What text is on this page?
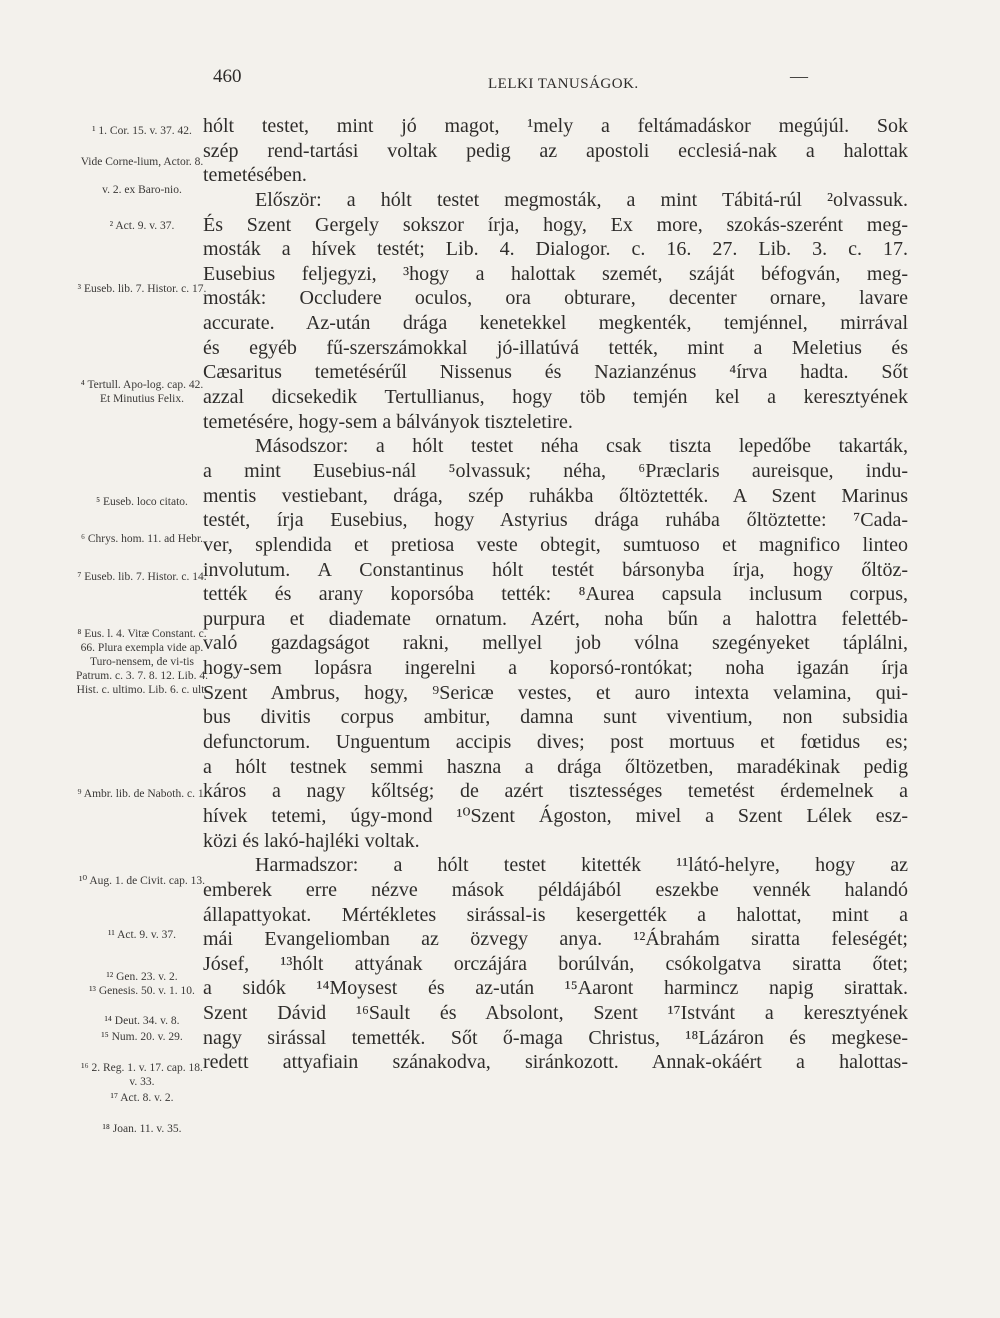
460	LELKI TANUSÁGOK.	—
¹ 1. Cor. 15. v. 37. 42.
Vide Corne-lium, Actor. 8.
v. 2. ex Baro-nio.
² Act. 9. v. 37.
³ Euseb. lib. 7. Histor. c. 17.
⁴ Tertull. Apo-log. cap. 42. Et Minutius Felix.
⁵ Euseb. loco citato.
⁶ Chrys. hom. 11. ad Hebr.
⁷ Euseb. lib. 7. Histor. c. 14.
⁸ Eus. l. 4. Vitæ Constant. c. 66. Plura exempla vide ap. Turo-nensem, de vi-tis Patrum. c. 3. 7. 8. 12. Lib. 4. Hist. c. ultimo. Lib. 6. c. ult.
⁹ Ambr. lib. de Naboth. c. 1.
¹⁰ Aug. 1. de Civit. cap. 13.
¹¹ Act. 9. v. 37.
¹² Gen. 23. v. 2.
¹³ Genesis. 50. v. 1. 10.
¹⁴ Deut. 34. v. 8.
¹⁵ Num. 20. v. 29.
¹⁶ 2. Reg. 1. v. 17. cap. 18. v. 33.
¹⁷ Act. 8. v. 2.
¹⁸ Joan. 11. v. 35.
hólt testet, mint jó magot, ¹mely a feltámadáskor megújúl. Sok
szép rend-tartási voltak pedig az apostoli ecclesiá-nak a halottak
temetésében.
Először: a hólt testet megmosták, a mint Tábitá-rúl ²olvassuk.
És Szent Gergely sokszor írja, hogy, Ex more, szokás-szerént meg-
mosták a hívek testét; Lib. 4. Dialogor. c. 16. 27. Lib. 3. c. 17.
Eusebius feljegyzi, ³hogy a halottak szemét, száját béfogván, meg-
mosták: Occludere oculos, ora obturare, decenter ornare, lavare
accurate. Az-után drága kenetekkel megkenték, temjénnel, mirrával
és egyéb fű-szerszámokkal jó-illatúvá tették, mint a Meletius és
Cæsaritus temetésérűl Nissenus és Nazianzénus ⁴írva hadta. Sőt
azzal dicsekedik Tertullianus, hogy töb temjén kel a keresztyének
temetésére, hogy-sem a bálványok tiszteletire.
Másodszor: a hólt testet néha csak tiszta lepedőbe takarták,
a mint Eusebius-nál ⁵olvassuk; néha, ⁶Præclaris aureisque, indu-
mentis vestiebant, drága, szép ruhákba őltöztették. A Szent Marinus
testét, írja Eusebius, hogy Astyrius drága ruhába őltöztette: ⁷Cada-
ver, splendida et pretiosa veste obtegit, sumtuoso et magnifico linteo
involutum. A Constantinus hólt testét bársonyba írja, hogy őltöz-
tették és arany koporsóba tették: ⁸Aurea capsula inclusum corpus,
purpura et diademate ornatum. Azért, noha bűn a halottra felettéb-
való gazdagságot rakni, mellyel job vólna szegényeket táplálni,
hogy-sem lopásra ingerelni a koporsó-rontókat; noha igazán írja
Szent Ambrus, hogy, ⁹Sericæ vestes, et auro intexta velamina, qui-
bus divitis corpus ambitur, damna sunt viventium, non subsidia
defunctorum. Unguentum accipis dives; post mortuus et fœtidus es;
a hólt testnek semmi haszna a drága őltözetben, maradékinak pedig
káros a nagy kőltség; de azért tisztességes temetést érdemelnek a
hívek tetemi, úgy-mond ¹⁰Szent Ágoston, mivel a Szent Lélek esz-
közi és lakó-hajléki voltak.
Harmadszor: a hólt testet kitették ¹¹látó-helyre, hogy az
emberek erre nézve mások példájából eszekbe vennék halandó
állapattyokat. Mértékletes sirással-is kesergették a halottat, mint a
mái Evangeliomban az özvegy anya. ¹²Ábrahám siratta feleségét;
Jósef, ¹³hólt attyának orczájára borúlván, csókolgatva siratta őtet;
a sidók ¹⁴Moysest és az-után ¹⁵Aaront harmincz napig sirattak.
Szent Dávid ¹⁶Sault és Absolont, Szent ¹⁷Istvánt a keresztyének
nagy sirással temették. Sőt ő-maga Christus, ¹⁸Lázáron és megkese-
redett attyafiain szánakodva, siránkozott. Annak-okáért a halottas-
